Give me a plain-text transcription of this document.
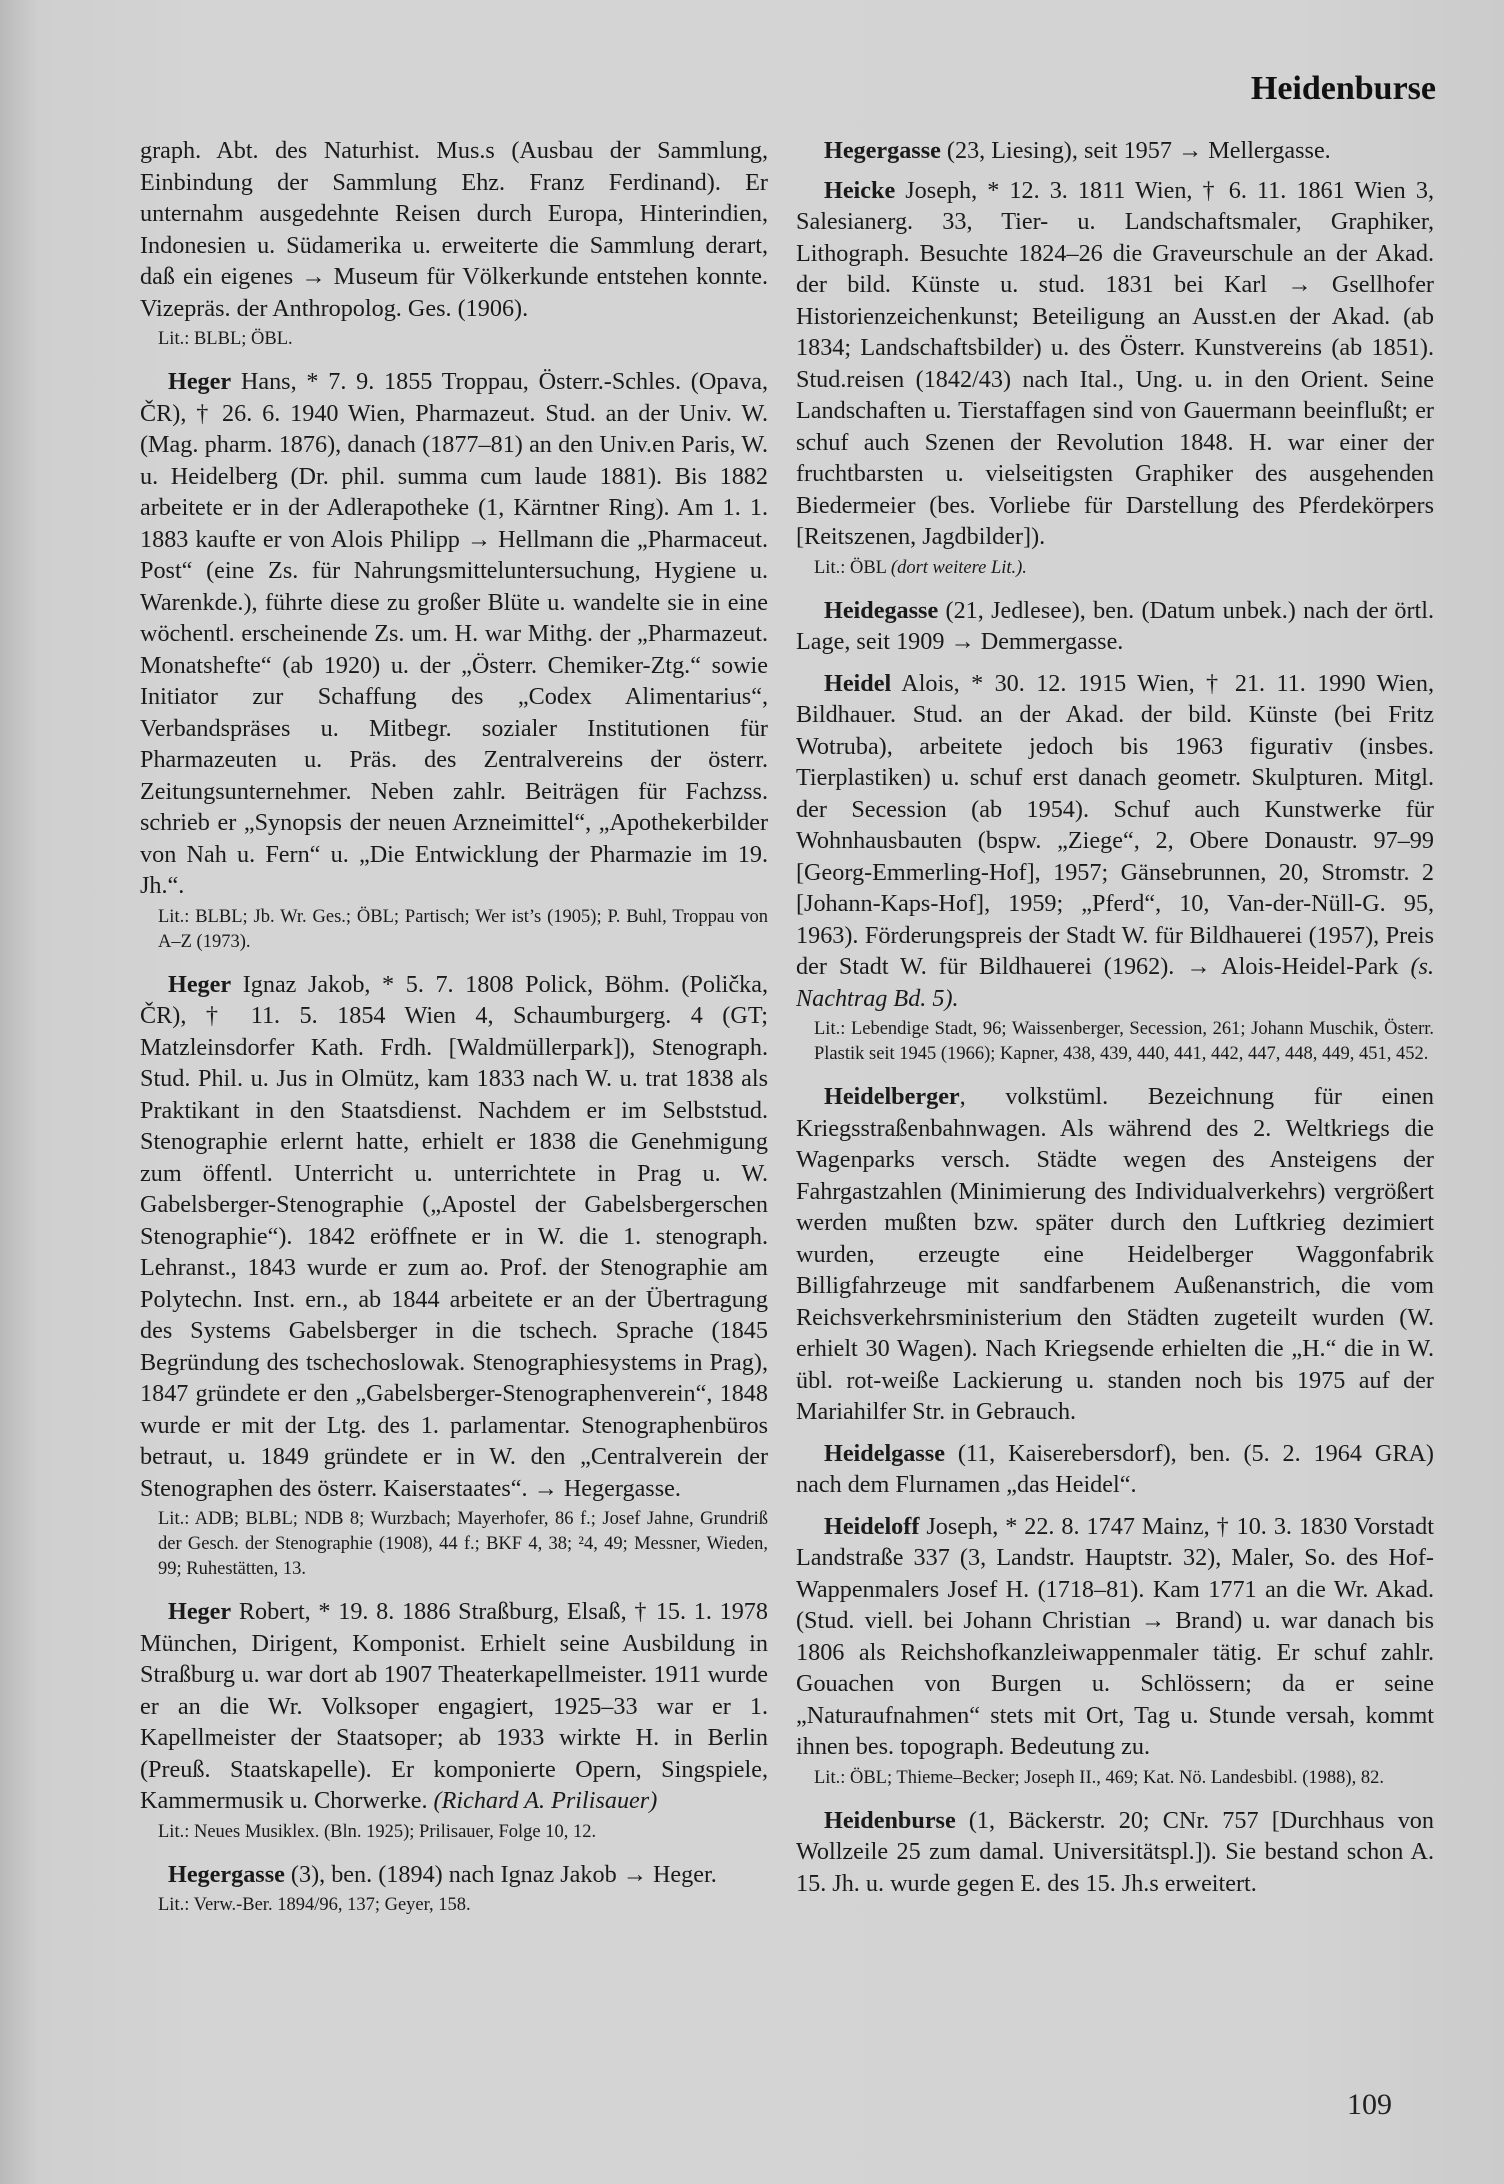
Heidenburse

graph. Abt. des Naturhist. Mus.s (Ausbau der Sammlung, Einbindung der Sammlung Ehz. Franz Ferdinand). Er unternahm ausgedehnte Reisen durch Europa, Hinterindien, Indonesien u. Südamerika u. erweiterte die Sammlung derart, daß ein eigenes → Museum für Völkerkunde entstehen konnte. Vizepräs. der Anthropolog. Ges. (1906).

Lit.: BLBL; ÖBL.

Heger Hans, * 7. 9. 1855 Troppau, Österr.-Schles. (Opava, ČR), † 26. 6. 1940 Wien, Pharmazeut. Stud. an der Univ. W. (Mag. pharm. 1876), danach (1877–81) an den Univ.en Paris, W. u. Heidelberg (Dr. phil. summa cum laude 1881). Bis 1882 arbeitete er in der Adlerapotheke (1, Kärntner Ring). Am 1. 1. 1883 kaufte er von Alois Philipp → Hellmann die „Pharmaceut. Post“ (eine Zs. für Nahrungsmitteluntersuchung, Hygiene u. Warenkde.), führte diese zu großer Blüte u. wandelte sie in eine wöchentl. erscheinende Zs. um. H. war Mithg. der „Pharmazeut. Monatshefte“ (ab 1920) u. der „Österr. Chemiker-Ztg.“ sowie Initiator zur Schaffung des „Codex Alimentarius“, Verbandspräses u. Mitbegr. sozialer Institutionen für Pharmazeuten u. Präs. des Zentralvereins der österr. Zeitungsunternehmer. Neben zahlr. Beiträgen für Fachzss. schrieb er „Synopsis der neuen Arzneimittel“, „Apothekerbilder von Nah u. Fern“ u. „Die Entwicklung der Pharmazie im 19. Jh.“.

Lit.: BLBL; Jb. Wr. Ges.; ÖBL; Partisch; Wer ist’s (1905); P. Buhl, Troppau von A–Z (1973).

Heger Ignaz Jakob, * 5. 7. 1808 Polick, Böhm. (Polička, ČR), † 11. 5. 1854 Wien 4, Schaumburgerg. 4 (GT; Matzleinsdorfer Kath. Frdh. [Waldmüllerpark]), Stenograph. Stud. Phil. u. Jus in Olmütz, kam 1833 nach W. u. trat 1838 als Praktikant in den Staatsdienst. Nachdem er im Selbststud. Stenographie erlernt hatte, erhielt er 1838 die Genehmigung zum öffentl. Unterricht u. unterrichtete in Prag u. W. Gabelsberger-Stenographie („Apostel der Gabelsbergerschen Stenographie“). 1842 eröffnete er in W. die 1. stenograph. Lehranst., 1843 wurde er zum ao. Prof. der Stenographie am Polytechn. Inst. ern., ab 1844 arbeitete er an der Übertragung des Systems Gabelsberger in die tschech. Sprache (1845 Begründung des tschechoslowak. Stenographiesystems in Prag), 1847 gründete er den „Gabelsberger-Stenographenverein“, 1848 wurde er mit der Ltg. des 1. parlamentar. Stenographenbüros betraut, u. 1849 gründete er in W. den „Centralverein der Stenographen des österr. Kaiserstaates“. → Hegergasse.

Lit.: ADB; BLBL; NDB 8; Wurzbach; Mayerhofer, 86 f.; Josef Jahne, Grundriß der Gesch. der Stenographie (1908), 44 f.; BKF 4, 38; ²4, 49; Messner, Wieden, 99; Ruhestätten, 13.

Heger Robert, * 19. 8. 1886 Straßburg, Elsaß, † 15. 1. 1978 München, Dirigent, Komponist. Erhielt seine Ausbildung in Straßburg u. war dort ab 1907 Theaterkapellmeister. 1911 wurde er an die Wr. Volksoper engagiert, 1925–33 war er 1. Kapellmeister der Staatsoper; ab 1933 wirkte H. in Berlin (Preuß. Staatskapelle). Er komponierte Opern, Singspiele, Kammermusik u. Chorwerke. (Richard A. Prilisauer)

Lit.: Neues Musiklex. (Bln. 1925); Prilisauer, Folge 10, 12.

Hegergasse (3), ben. (1894) nach Ignaz Jakob → Heger.

Lit.: Verw.-Ber. 1894/96, 137; Geyer, 158.

Hegergasse (23, Liesing), seit 1957 → Mellergasse.

Heicke Joseph, * 12. 3. 1811 Wien, † 6. 11. 1861 Wien 3, Salesianerg. 33, Tier- u. Landschaftsmaler, Graphiker, Lithograph. Besuchte 1824–26 die Graveurschule an der Akad. der bild. Künste u. stud. 1831 bei Karl → Gsellhofer Historienzeichenkunst; Beteiligung an Ausst.en der Akad. (ab 1834; Landschaftsbilder) u. des Österr. Kunstvereins (ab 1851). Stud.reisen (1842/43) nach Ital., Ung. u. in den Orient. Seine Landschaften u. Tierstaffagen sind von Gauermann beeinflußt; er schuf auch Szenen der Revolution 1848. H. war einer der fruchtbarsten u. vielseitigsten Graphiker des ausgehenden Biedermeier (bes. Vorliebe für Darstellung des Pferdekörpers [Reitszenen, Jagdbilder]).

Lit.: ÖBL (dort weitere Lit.).

Heidegasse (21, Jedlesee), ben. (Datum unbek.) nach der örtl. Lage, seit 1909 → Demmergasse.

Heidel Alois, * 30. 12. 1915 Wien, † 21. 11. 1990 Wien, Bildhauer. Stud. an der Akad. der bild. Künste (bei Fritz Wotruba), arbeitete jedoch bis 1963 figurativ (insbes. Tierplastiken) u. schuf erst danach geometr. Skulpturen. Mitgl. der Secession (ab 1954). Schuf auch Kunstwerke für Wohnhausbauten (bspw. „Ziege“, 2, Obere Donaustr. 97–99 [Georg-Emmerling-Hof], 1957; Gänsebrunnen, 20, Stromstr. 2 [Johann-Kaps-Hof], 1959; „Pferd“, 10, Van-der-Nüll-G. 95, 1963). Förderungspreis der Stadt W. für Bildhauerei (1957), Preis der Stadt W. für Bildhauerei (1962). → Alois-Heidel-Park (s. Nachtrag Bd. 5).

Lit.: Lebendige Stadt, 96; Waissenberger, Secession, 261; Johann Muschik, Österr. Plastik seit 1945 (1966); Kapner, 438, 439, 440, 441, 442, 447, 448, 449, 451, 452.

Heidelberger, volkstüml. Bezeichnung für einen Kriegsstraßenbahnwagen. Als während des 2. Weltkriegs die Wagenparks versch. Städte wegen des Ansteigens der Fahrgastzahlen (Minimierung des Individualverkehrs) vergrößert werden mußten bzw. später durch den Luftkrieg dezimiert wurden, erzeugte eine Heidelberger Waggonfabrik Billigfahrzeuge mit sandfarbenem Außenanstrich, die vom Reichsverkehrsministerium den Städten zugeteilt wurden (W. erhielt 30 Wagen). Nach Kriegsende erhielten die „H.“ die in W. übl. rot-weiße Lackierung u. standen noch bis 1975 auf der Mariahilfer Str. in Gebrauch.

Heidelgasse (11, Kaiserebersdorf), ben. (5. 2. 1964 GRA) nach dem Flurnamen „das Heidel“.

Heideloff Joseph, * 22. 8. 1747 Mainz, † 10. 3. 1830 Vorstadt Landstraße 337 (3, Landstr. Hauptstr. 32), Maler, So. des Hof-Wappenmalers Josef H. (1718–81). Kam 1771 an die Wr. Akad. (Stud. viell. bei Johann Christian → Brand) u. war danach bis 1806 als Reichshofkanzleiwappenmaler tätig. Er schuf zahlr. Gouachen von Burgen u. Schlössern; da er seine „Naturaufnahmen“ stets mit Ort, Tag u. Stunde versah, kommt ihnen bes. topograph. Bedeutung zu.

Lit.: ÖBL; Thieme–Becker; Joseph II., 469; Kat. Nö. Landesbibl. (1988), 82.

Heidenburse (1, Bäckerstr. 20; CNr. 757 [Durchhaus von Wollzeile 25 zum damal. Universitätspl.]). Sie bestand schon A. 15. Jh. u. wurde gegen E. des 15. Jh.s erweitert.

109
